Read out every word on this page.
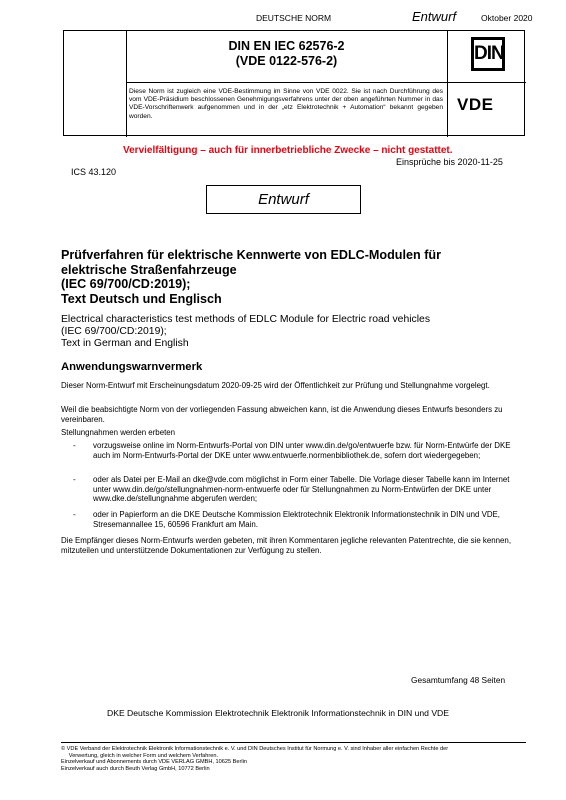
DEUTSCHE NORM	Entwurf	Oktober 2020
DIN EN IEC 62576-2
(VDE 0122-576-2)
Diese Norm ist zugleich eine VDE-Bestimmung im Sinne von VDE 0022. Sie ist nach Durchführung des vom VDE-Präsidium beschlossenen Genehmigungsverfahrens unter der oben angeführten Nummer in das VDE-Vorschriftenwerk aufgenommen und in der „etz Elektrotechnik + Automation“ bekannt gegeben worden.
DIN
VDE
Vervielfältigung – auch für innerbetriebliche Zwecke – nicht gestattet.
Einsprüche bis 2020-11-25
ICS 43.120
Entwurf
Prüfverfahren für elektrische Kennwerte von EDLC-Modulen für
elektrische Straßenfahrzeuge
(IEC 69/700/CD:2019);
Text Deutsch und Englisch
Electrical characteristics test methods of EDLC Module for Electric road vehicles
(IEC 69/700/CD:2019);
Text in German and English
Anwendungswarnvermerk
Dieser Norm-Entwurf mit Erscheinungsdatum 2020-09-25 wird der Öffentlichkeit zur Prüfung und Stellungnahme vorgelegt.
Weil die beabsichtigte Norm von der vorliegenden Fassung abweichen kann, ist die Anwendung dieses Entwurfs besonders zu vereinbaren.
Stellungnahmen werden erbeten
- vorzugsweise online im Norm-Entwurfs-Portal von DIN unter www.din.de/go/entwuerfe bzw. für Norm-Entwürfe der DKE auch im Norm-Entwurfs-Portal der DKE unter www.entwuerfe.normenbibliothek.de, sofern dort wiedergegeben;
- oder als Datei per E-Mail an dke@vde.com möglichst in Form einer Tabelle. Die Vorlage dieser Tabelle kann im Internet unter www.din.de/go/stellungnahmen-norm-entwuerfe oder für Stellungnahmen zu Norm-Entwürfen der DKE unter www.dke.de/stellungnahme abgerufen werden;
- oder in Papierform an die DKE Deutsche Kommission Elektrotechnik Elektronik Informationstechnik in DIN und VDE, Stresemannallee 15, 60596 Frankfurt am Main.
Die Empfänger dieses Norm-Entwurfs werden gebeten, mit ihren Kommentaren jegliche relevanten Patentrechte, die sie kennen, mitzuteilen und unterstützende Dokumentationen zur Verfügung zu stellen.
Gesamtumfang 48 Seiten
DKE Deutsche Kommission Elektrotechnik Elektronik Informationstechnik in DIN und VDE
© VDE Verband der Elektrotechnik Elektronik Informationstechnik e. V. und DIN Deutsches Institut für Normung e. V. sind Inhaber aller einfachen Rechte der
Verwertung, gleich in welcher Form und welchem Verfahren.
Einzelverkauf und Abonnements durch VDE VERLAG GMBH, 10625 Berlin
Einzelverkauf auch durch Beuth Verlag GmbH, 10772 Berlin
